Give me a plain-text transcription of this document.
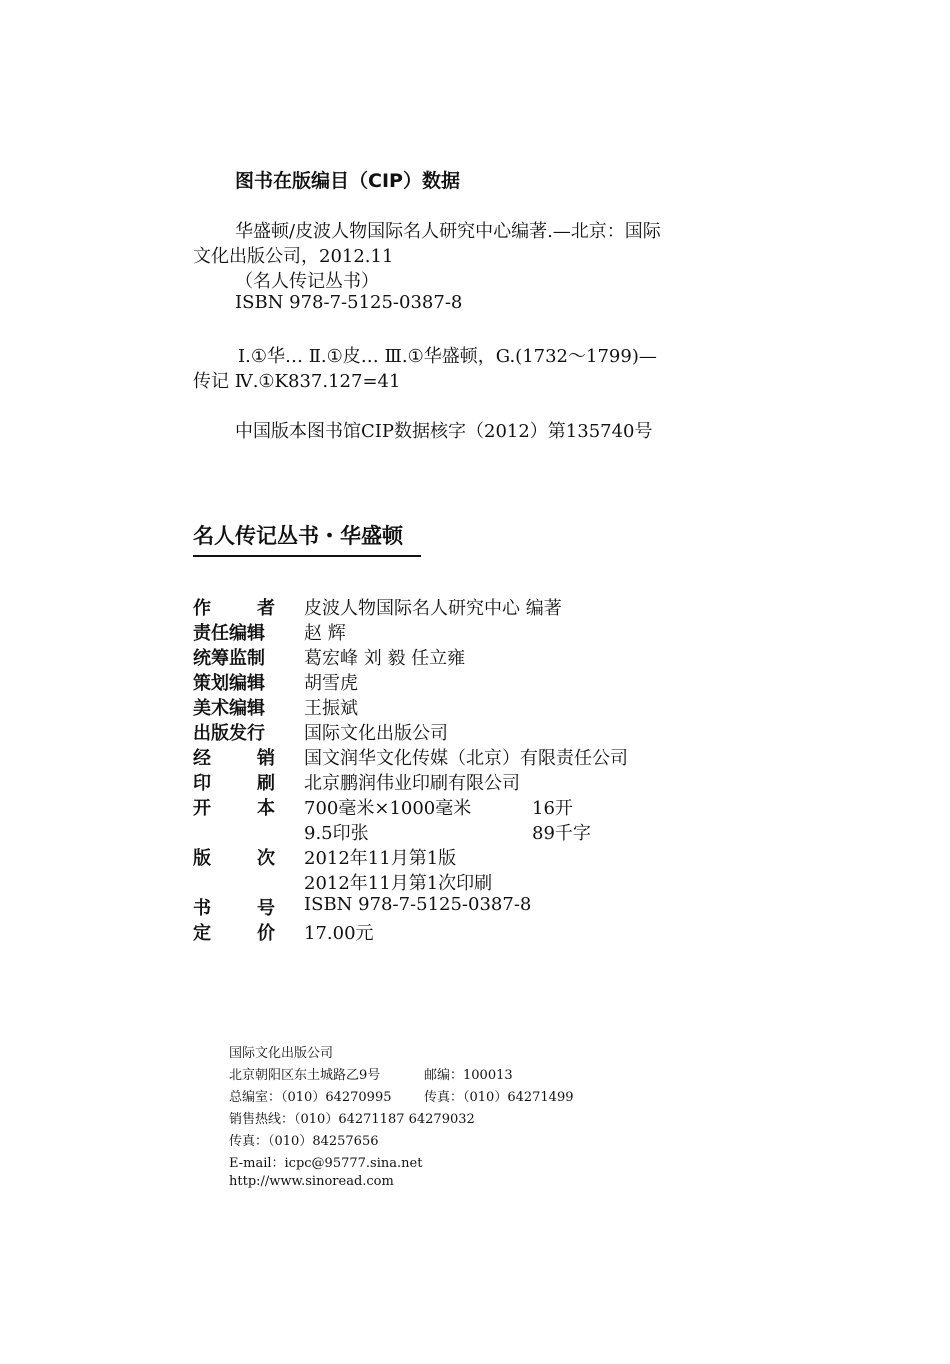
图书在版编目（CIP）数据
华盛顿/皮波人物国际名人研究中心编著.—北京：国际
文化出版公司，2012.11
（名人传记丛书）
ISBN 978-7-5125-0387-8
Ⅰ.①华… Ⅱ.①皮… Ⅲ.①华盛顿，G.(1732～1799)—
传记 Ⅳ.①K837.127=41
中国版本图书馆CIP数据核字（2012）第135740号
名人传记丛书・华盛顿
作	者 皮波人物国际名人研究中心 编著
责任编辑	赵 辉
统筹监制	葛宏峰 刘 毅 任立雍
策划编辑	胡雪虎
美术编辑	王振斌
出版发行	国际文化出版公司
经	销 国文润华文化传媒（北京）有限责任公司
印	刷 北京鹏润伟业印刷有限公司
开	本 700毫米×1000毫米	16开
9.5印张	89千字
版	次 2012年11月第1版
2012年11月第1次印刷
书	号 ISBN 978-7-5125-0387-8
定	价 17.00元
国际文化出版公司
北京朝阳区东土城路乙9号	邮编：100013
总编室：（010）64270995	传真：（010）64271499
销售热线：（010）64271187 64279032
传真：（010）84257656
E-mail：icpc@95777.sina.net
http://www.sinoread.com
